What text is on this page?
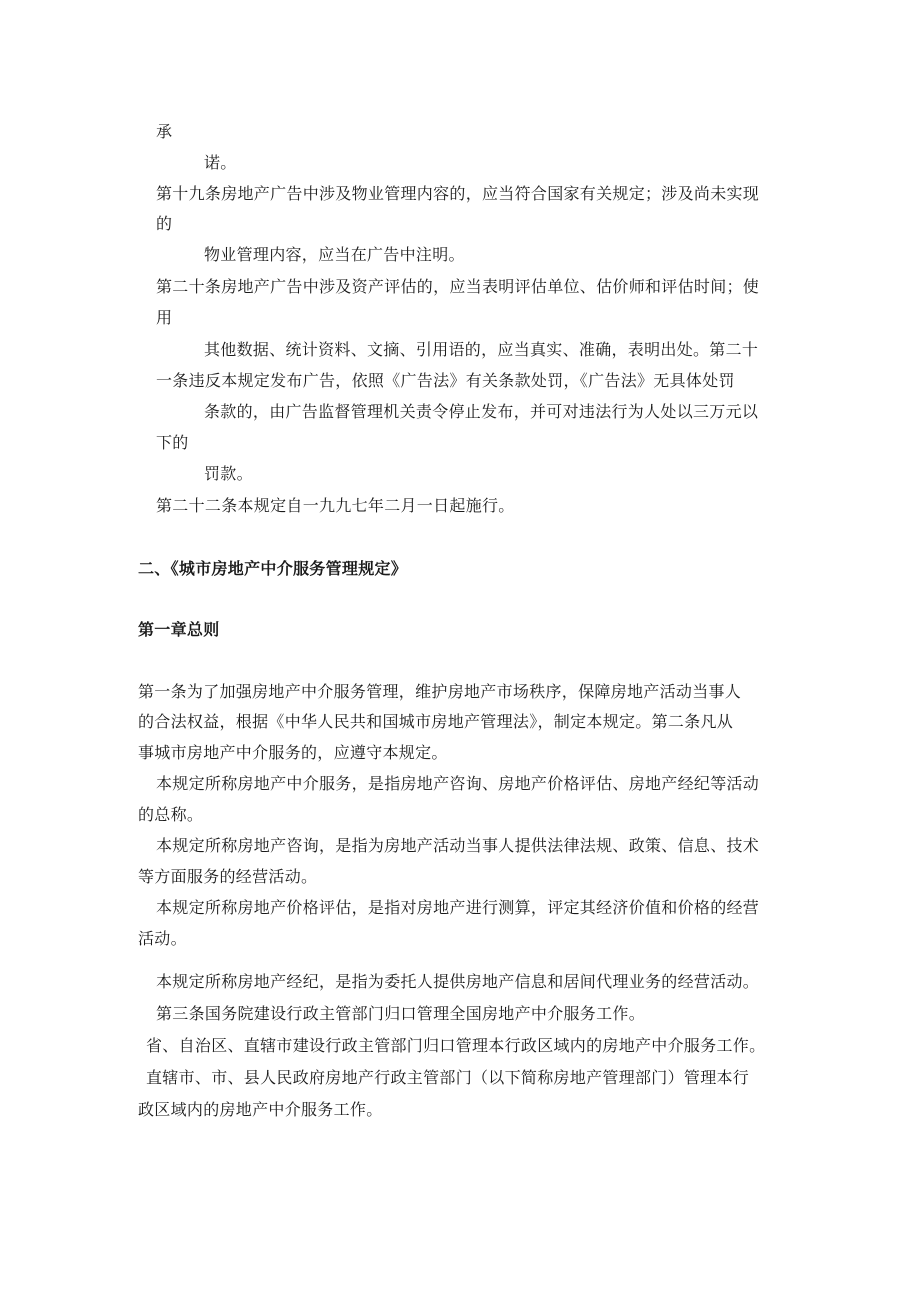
承
诺。
第十九条房地产广告中涉及物业管理内容的，应当符合国家有关规定；涉及尚未实现
的
物业管理内容，应当在广告中注明。
第二十条房地产广告中涉及资产评估的，应当表明评估单位、估价师和评估时间；使
用
其他数据、统计资料、文摘、引用语的，应当真实、准确，表明出处。第二十
一条违反本规定发布广告，依照《广告法》有关条款处罚，《广告法》无具体处罚
条款的，由广告监督管理机关责令停止发布，并可对违法行为人处以三万元以
下的
罚款。
第二十二条本规定自一九九七年二月一日起施行。
二、《城市房地产中介服务管理规定》
第一章总则
第一条为了加强房地产中介服务管理，维护房地产市场秩序，保障房地产活动当事人
的合法权益，根据《中华人民共和国城市房地产管理法》，制定本规定。第二条凡从
事城市房地产中介服务的，应遵守本规定。
本规定所称房地产中介服务，是指房地产咨询、房地产价格评估、房地产经纪等活动
的总称。
本规定所称房地产咨询，是指为房地产活动当事人提供法律法规、政策、信息、技术
等方面服务的经营活动。
本规定所称房地产价格评估，是指对房地产进行测算，评定其经济价值和价格的经营
活动。
本规定所称房地产经纪，是指为委托人提供房地产信息和居间代理业务的经营活动。
第三条国务院建设行政主管部门归口管理全国房地产中介服务工作。
省、自治区、直辖市建设行政主管部门归口管理本行政区域内的房地产中介服务工作。
直辖市、市、县人民政府房地产行政主管部门（以下简称房地产管理部门）管理本行
政区域内的房地产中介服务工作。
